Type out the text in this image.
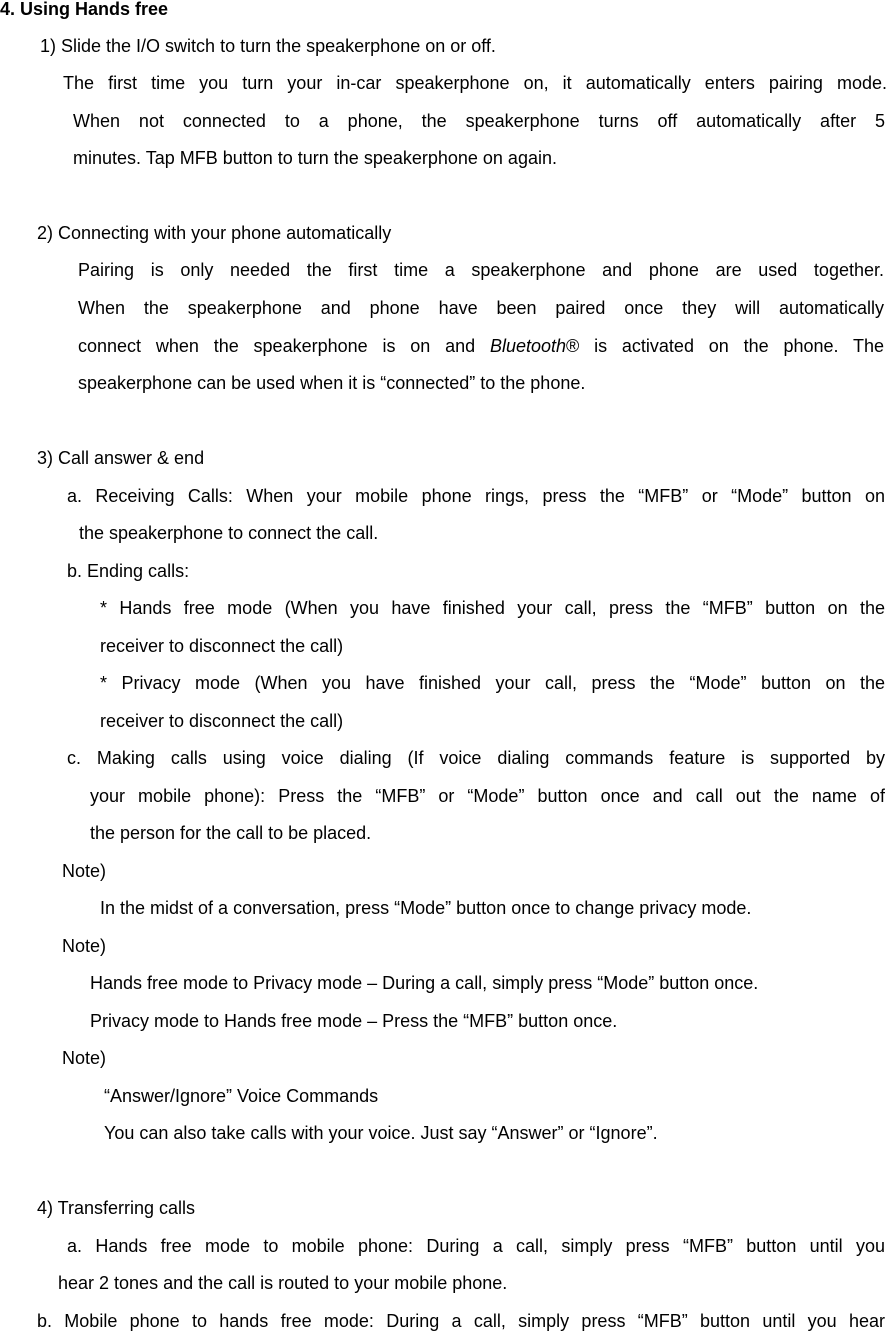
4. Using Hands free
1) Slide the I/O switch to turn the speakerphone on or off.
The first time you turn your in-car speakerphone on, it automatically enters pairing mode.
When not connected to a phone, the speakerphone turns off automatically after 5
minutes. Tap MFB button to turn the speakerphone on again.
2) Connecting with your phone automatically
Pairing is only needed the first time a speakerphone and phone are used together.
When the speakerphone and phone have been paired once they will automatically
connect when the speakerphone is on and Bluetooth® is activated on the phone. The
speakerphone can be used when it is “connected” to the phone.
3) Call answer & end
a. Receiving Calls: When your mobile phone rings, press the “MFB” or “Mode” button on
the speakerphone to connect the call.
b. Ending calls:
* Hands free mode (When you have finished your call, press the “MFB” button on the
receiver to disconnect the call)
* Privacy mode (When you have finished your call, press the “Mode” button on the
receiver to disconnect the call)
c. Making calls using voice dialing (If voice dialing commands feature is supported by
your mobile phone): Press the “MFB” or “Mode” button once and call out the name of
the person for the call to be placed.
Note)
In the midst of a conversation, press “Mode” button once to change privacy mode.
Note)
Hands free mode to Privacy mode – During a call, simply press “Mode” button once.
Privacy mode to Hands free mode – Press the “MFB” button once.
Note)
“Answer/Ignore” Voice Commands
You can also take calls with your voice. Just say “Answer” or “Ignore”.
4) Transferring calls
a. Hands free mode to mobile phone: During a call, simply press “MFB” button until you
hear 2 tones and the call is routed to your mobile phone.
b. Mobile phone to hands free mode: During a call, simply press “MFB” button until you hear
